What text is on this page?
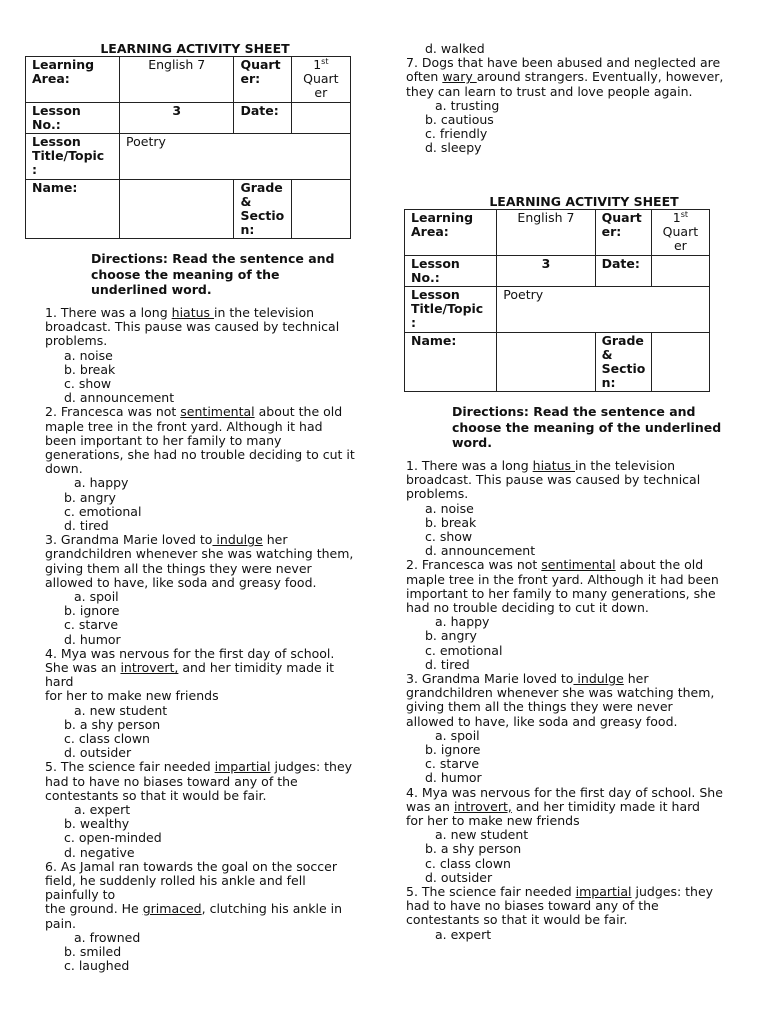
LEARNING ACTIVITY SHEET
Learning Area:	English 7	Quart er:	1st Quart er
Lesson No.:	3	Date:	
Lesson Title/Topic :	Poetry		
Name:		Grade & Sectio n:	
Directions: Read the sentence and choose the meaning of the underlined word.

1. There was a long hiatus in the television broadcast. This pause was caused by technical problems.

a. noise
b. break
c. show
d. announcement

2. Francesca was not sentimental about the old maple tree in the front yard. Although it had been important to her family to many generations, she had no trouble deciding to cut it down.

a. happy
b. angry
c. emotional
d. tired

3. Grandma Marie loved to indulge her grandchildren whenever she was watching them, giving them all the things they were never allowed to have, like soda and greasy food.

a. spoil
b. ignore
c. starve
d. humor

4. Mya was nervous for the first day of school. She was an introvert, and her timidity made it hard

for her to make new friends

a. new student
b. a shy person
c. class clown
d. outsider

5. The science fair needed impartial judges: they had to have no biases toward any of the contestants so that it would be fair.

a. expert
b. wealthy
c. open-minded
d. negative

6. As Jamal ran towards the goal on the soccer field, he suddenly rolled his ankle and fell painfully to

the ground. He grimaced, clutching his ankle in pain.

a. frowned
b. smiled
c. laughed
d. walked

7. Dogs that have been abused and neglected are often wary around strangers. Eventually, however, they can learn to trust and love people again.

a. trusting
b. cautious
c. friendly
d. sleepy
LEARNING ACTIVITY SHEET
Learning Area:	English 7	Quart er:	1st Quart er
Lesson No.:	3	Date:	
Lesson Title/Topic :	Poetry		
Name:		Grade & Sectio n:	
Directions: Read the sentence and choose the meaning of the underlined word.

1. There was a long hiatus in the television broadcast. This pause was caused by technical problems.

a. noise
b. break
c. show
d. announcement

2. Francesca was not sentimental about the old maple tree in the front yard. Although it had been important to her family to many generations, she had no trouble deciding to cut it down.

a. happy
b. angry
c. emotional
d. tired

3. Grandma Marie loved to indulge her grandchildren whenever she was watching them, giving them all the things they were never allowed to have, like soda and greasy food.

a. spoil
b. ignore
c. starve
d. humor

4. Mya was nervous for the first day of school. She was an introvert, and her timidity made it hard

for her to make new friends

a. new student
b. a shy person
c. class clown
d. outsider

5. The science fair needed impartial judges: they had to have no biases toward any of the contestants so that it would be fair.

a. expert
